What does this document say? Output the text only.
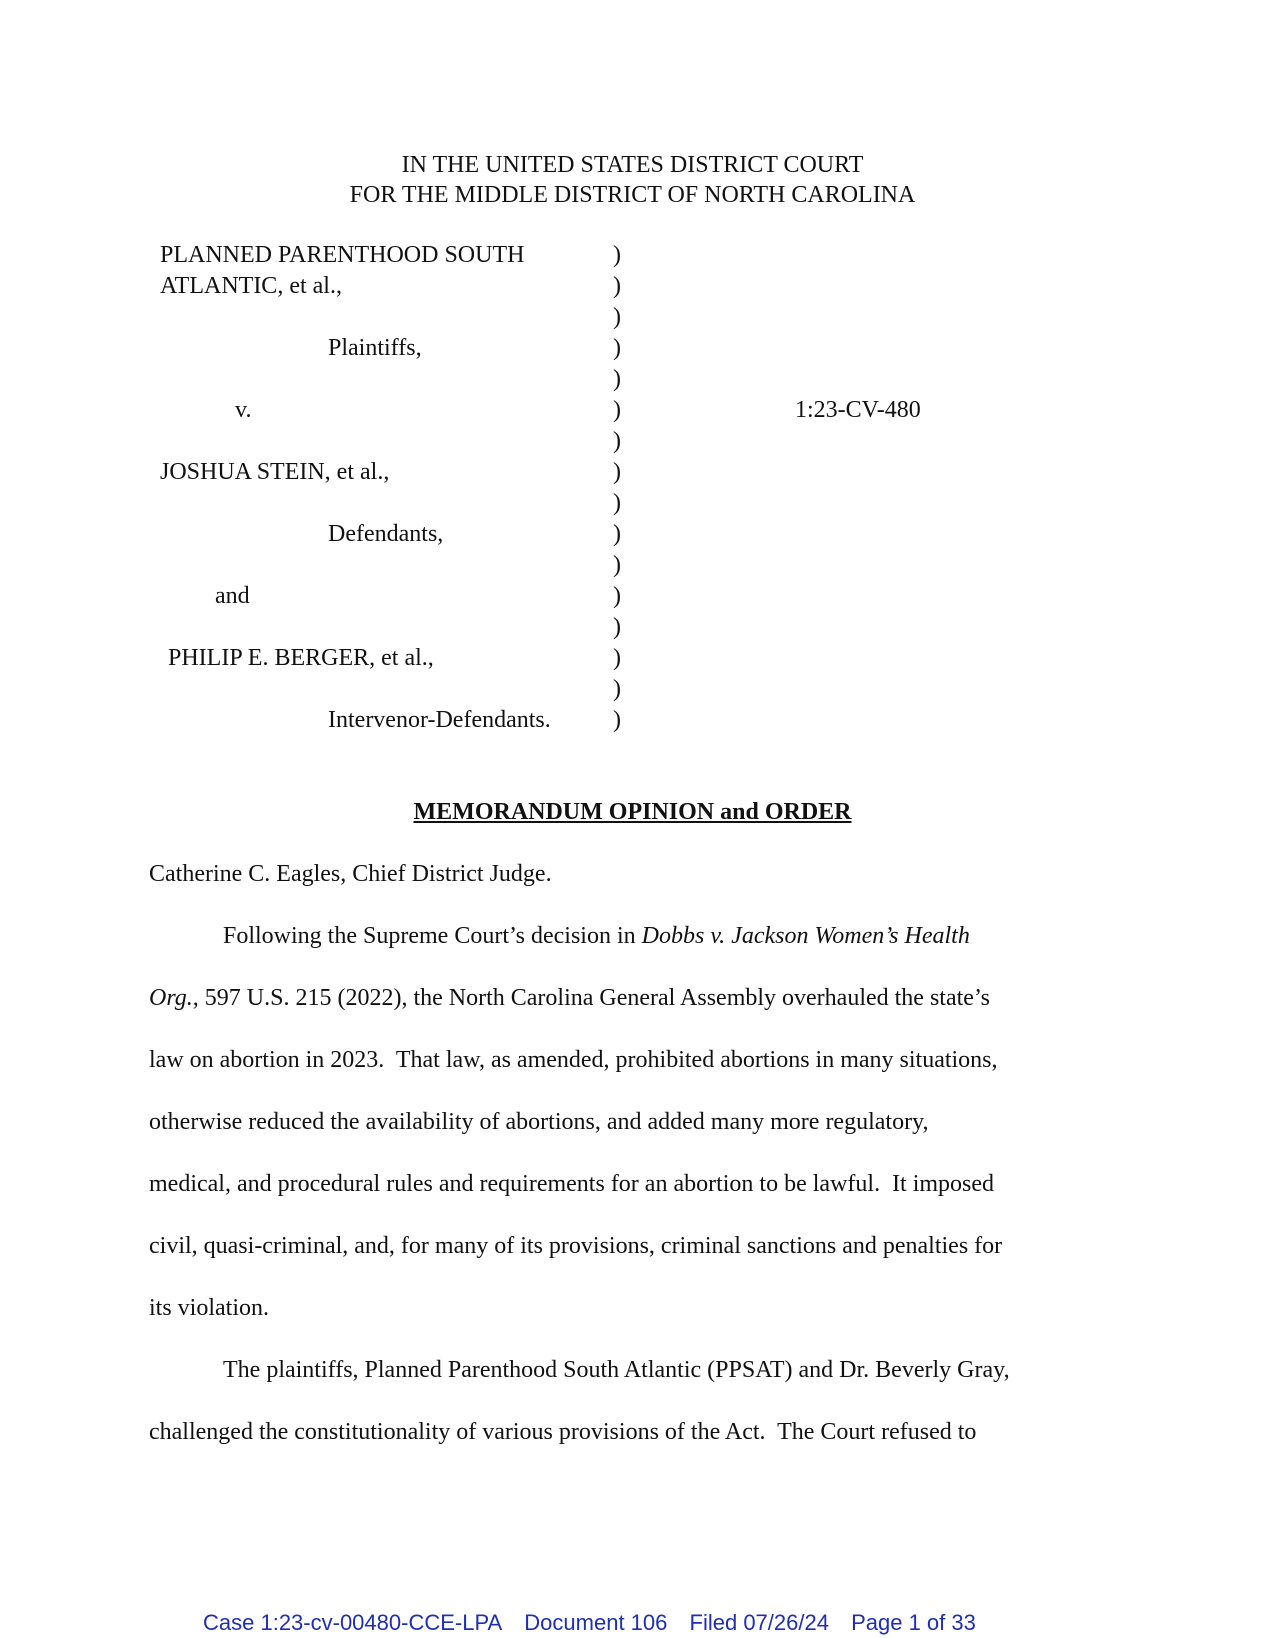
IN THE UNITED STATES DISTRICT COURT
FOR THE MIDDLE DISTRICT OF NORTH CAROLINA
PLANNED PARENTHOOD SOUTH
ATLANTIC, et al.,
Plaintiffs,
v.
JOSHUA STEIN, et al.,
Defendants,
and
PHILIP E. BERGER, et al.,
Intervenor-Defendants.
)
)
)
)
)
)
)
)
)
)
)
)
)
)
)
)
1:23-CV-480
MEMORANDUM OPINION and ORDER
Catherine C. Eagles, Chief District Judge.
Following the Supreme Court’s decision in Dobbs v. Jackson Women’s Health
Org., 597 U.S. 215 (2022), the North Carolina General Assembly overhauled the state’s
law on abortion in 2023.  That law, as amended, prohibited abortions in many situations,
otherwise reduced the availability of abortions, and added many more regulatory,
medical, and procedural rules and requirements for an abortion to be lawful.  It imposed
civil, quasi-criminal, and, for many of its provisions, criminal sanctions and penalties for
its violation.
The plaintiffs, Planned Parenthood South Atlantic (PPSAT) and Dr. Beverly Gray,
challenged the constitutionality of various provisions of the Act.  The Court refused to
Case 1:23-cv-00480-CCE-LPA Document 106 Filed 07/26/24 Page 1 of 33
